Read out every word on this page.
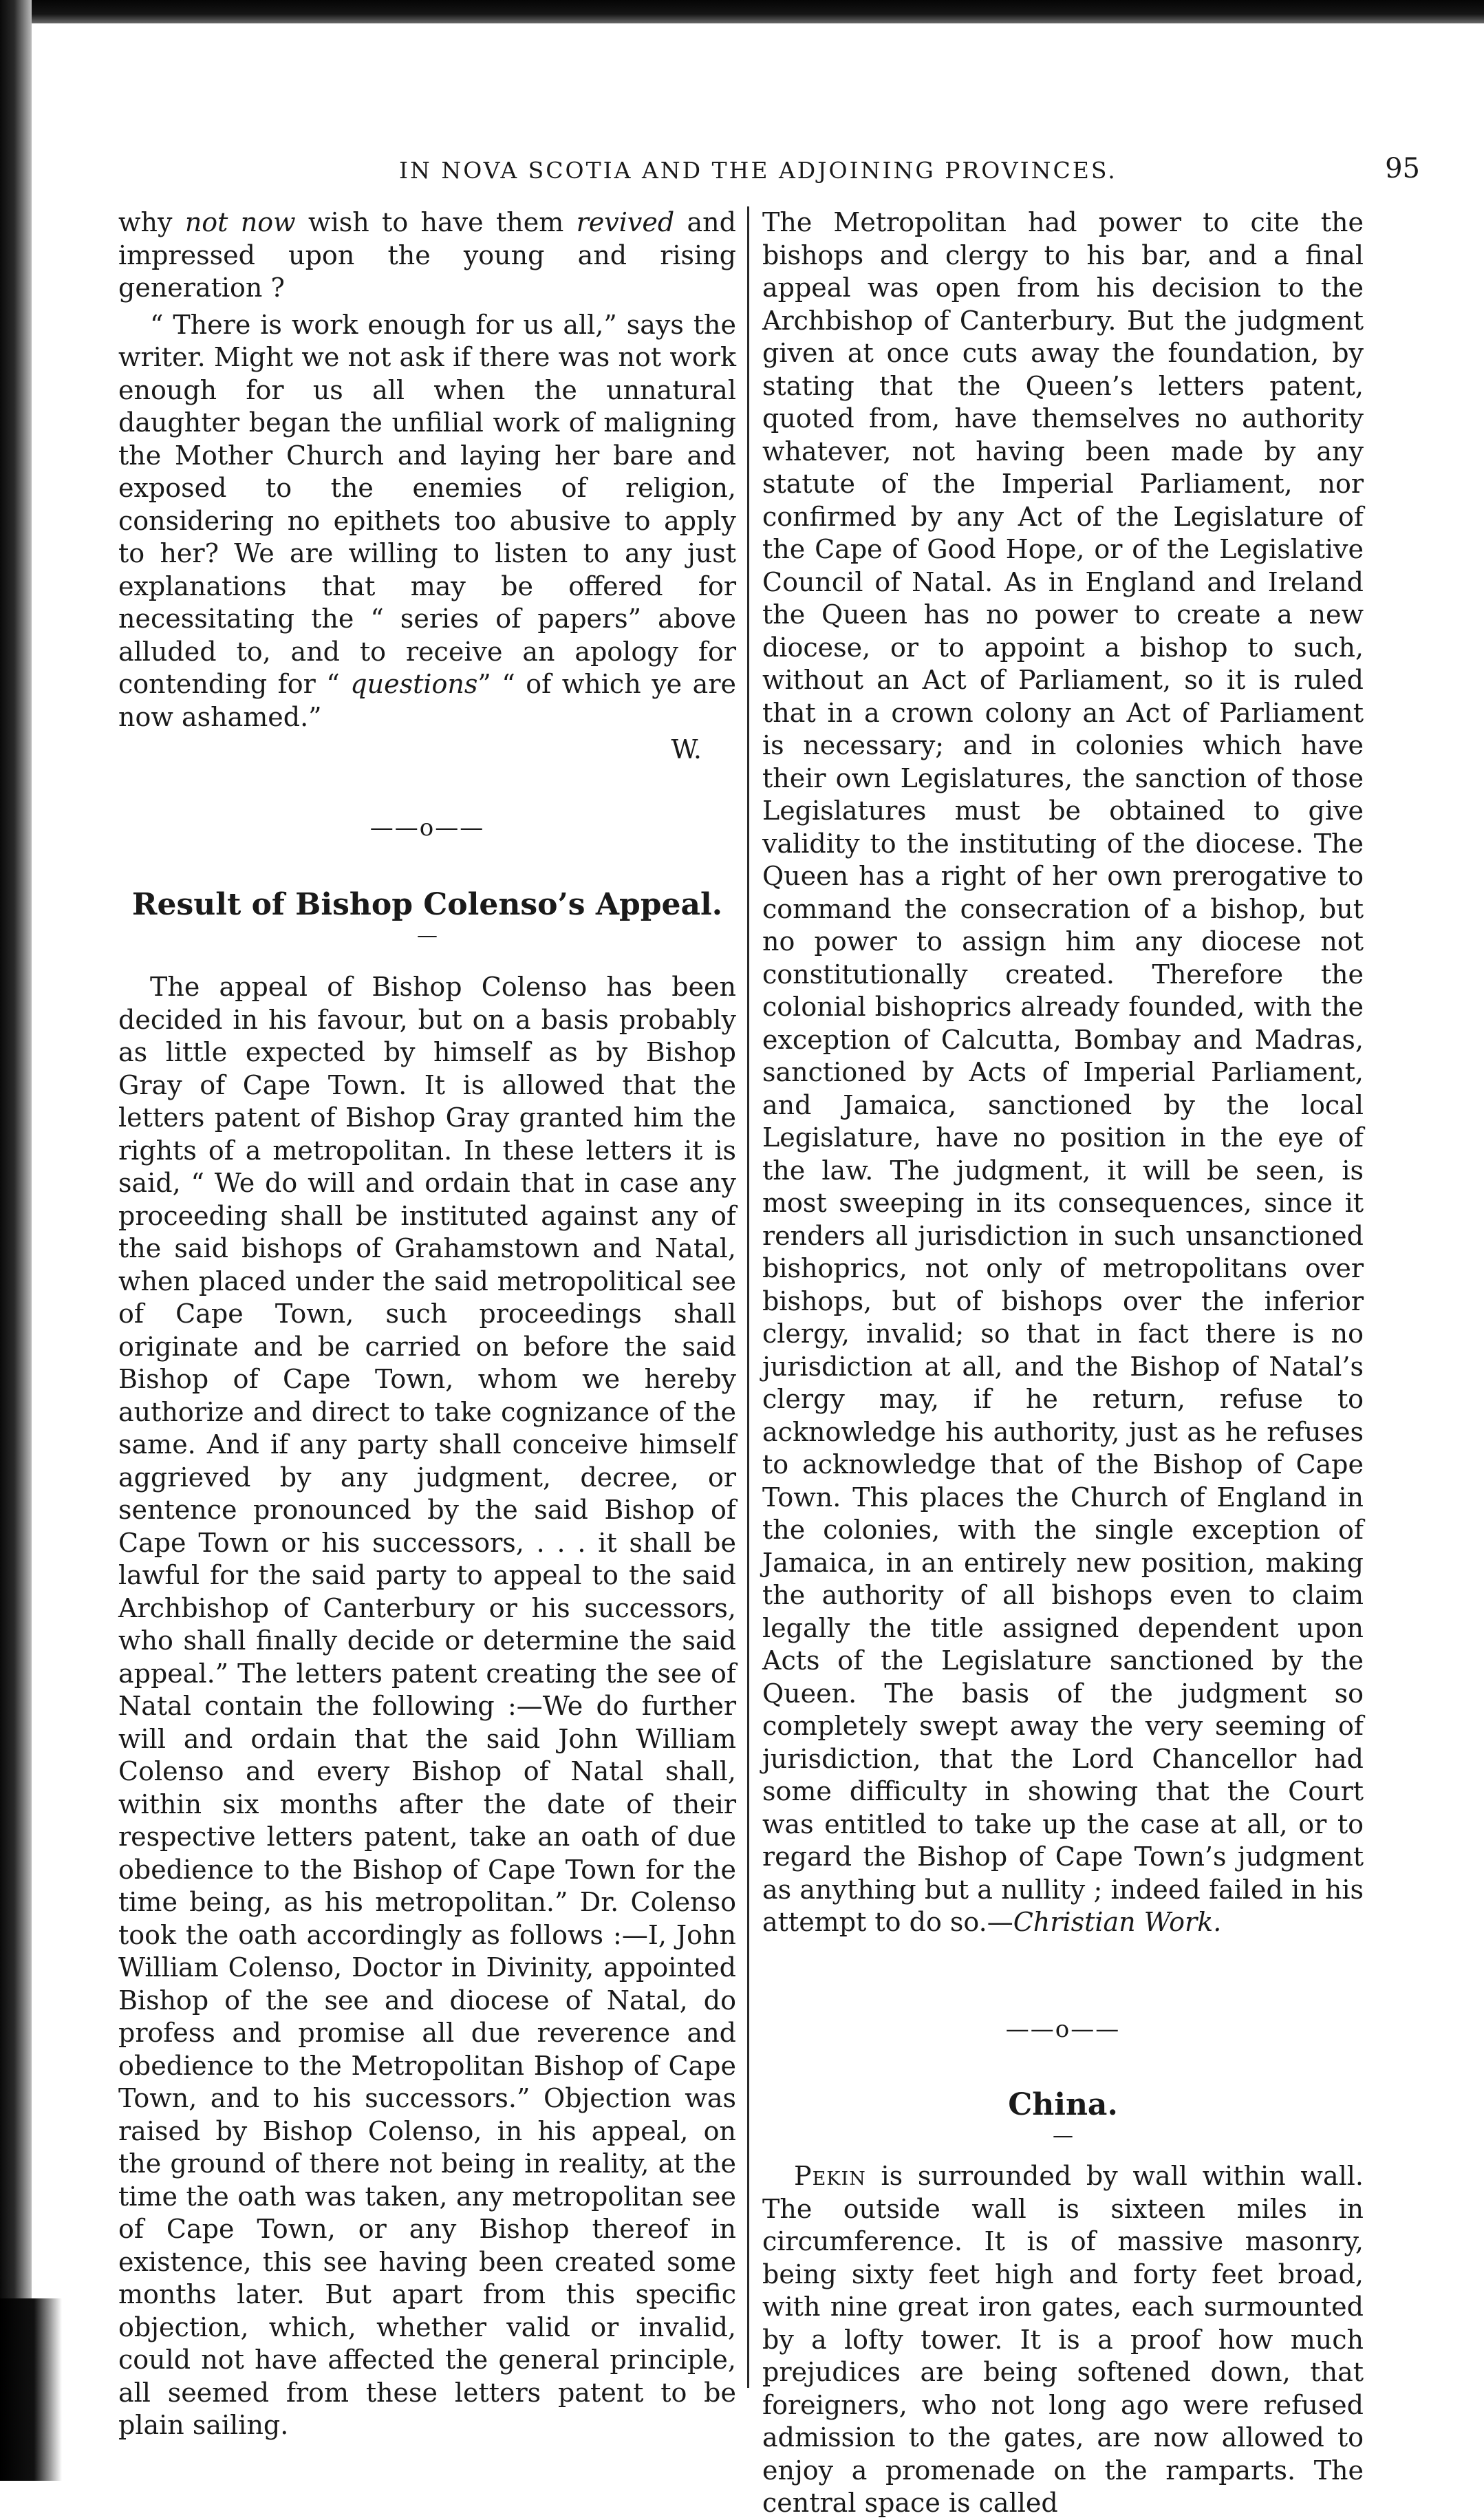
IN NOVA SCOTIA AND THE ADJOINING PROVINCES.	95

why not now wish to have them revived and impressed upon the young and rising generation ?

“ There is work enough for us all,” says the writer. Might we not ask if there was not work enough for us all when the unnatural daughter began the unfilial work of maligning the Mother Church and laying her bare and exposed to the enemies of religion, considering no epithets too abusive to apply to her? We are willing to listen to any just explanations that may be offered for necessitating the “ series of papers” above alluded to, and to receive an apology for contending for “ questions” “ of which ye are now ashamed.”

W.
——o——
Result of Bishop Colenso’s Appeal.
—

The appeal of Bishop Colenso has been decided in his favour, but on a basis probably as little expected by himself as by Bishop Gray of Cape Town. It is allowed that the letters patent of Bishop Gray granted him the rights of a metropolitan. In these letters it is said, “ We do will and ordain that in case any proceeding shall be instituted against any of the said bishops of Grahamstown and Natal, when placed under the said metropolitical see of Cape Town, such proceedings shall originate and be carried on before the said Bishop of Cape Town, whom we hereby authorize and direct to take cognizance of the same. And if any party shall conceive himself aggrieved by any judgment, decree, or sentence pronounced by the said Bishop of Cape Town or his successors, . . . it shall be lawful for the said party to appeal to the said Archbishop of Canterbury or his successors, who shall finally decide or determine the said appeal.” The letters patent creating the see of Natal contain the following :—We do further will and ordain that the said John William Colenso and every Bishop of Natal shall, within six months after the date of their respective letters patent, take an oath of due obedience to the Bishop of Cape Town for the time being, as his metropolitan.” Dr. Colenso took the oath accordingly as follows :—I, John William Colenso, Doctor in Divinity, appointed Bishop of the see and diocese of Natal, do profess and promise all due reverence and obedience to the Metropolitan Bishop of Cape Town, and to his successors.” Objection was raised by Bishop Colenso, in his appeal, on the ground of there not being in reality, at the time the oath was taken, any metropolitan see of Cape Town, or any Bishop thereof in existence, this see having been created some months later. But apart from this specific objection, which, whether valid or invalid, could not have affected the general principle, all seemed from these letters patent to be plain sailing.

The Metropolitan had power to cite the bishops and clergy to his bar, and a final appeal was open from his decision to the Archbishop of Canterbury. But the judgment given at once cuts away the foundation, by stating that the Queen’s letters patent, quoted from, have themselves no authority whatever, not having been made by any statute of the Imperial Parliament, nor confirmed by any Act of the Legislature of the Cape of Good Hope, or of the Legislative Council of Natal. As in England and Ireland the Queen has no power to create a new diocese, or to appoint a bishop to such, without an Act of Parliament, so it is ruled that in a crown colony an Act of Parliament is necessary; and in colonies which have their own Legislatures, the sanction of those Legislatures must be obtained to give validity to the instituting of the diocese. The Queen has a right of her own prerogative to command the consecration of a bishop, but no power to assign him any diocese not constitutionally created. Therefore the colonial bishoprics already founded, with the exception of Calcutta, Bombay and Madras, sanctioned by Acts of Imperial Parliament, and Jamaica, sanctioned by the local Legislature, have no position in the eye of the law. The judgment, it will be seen, is most sweeping in its consequences, since it renders all jurisdiction in such unsanctioned bishoprics, not only of metropolitans over bishops, but of bishops over the inferior clergy, invalid; so that in fact there is no jurisdiction at all, and the Bishop of Natal’s clergy may, if he return, refuse to acknowledge his authority, just as he refuses to acknowledge that of the Bishop of Cape Town. This places the Church of England in the colonies, with the single exception of Jamaica, in an entirely new position, making the authority of all bishops even to claim legally the title assigned dependent upon Acts of the Legislature sanctioned by the Queen. The basis of the judgment so completely swept away the very seeming of jurisdiction, that the Lord Chancellor had some difficulty in showing that the Court was entitled to take up the case at all, or to regard the Bishop of Cape Town’s judgment as anything but a nullity ; indeed failed in his attempt to do so.—Christian Work.

——o——
China.
—

Pekin is surrounded by wall within wall. The outside wall is sixteen miles in circumference. It is of massive masonry, being sixty feet high and forty feet broad, with nine great iron gates, each surmounted by a lofty tower. It is a proof how much prejudices are being softened down, that foreigners, who not long ago were refused admission to the gates, are now allowed to enjoy a promenade on the ramparts. The central space is called
